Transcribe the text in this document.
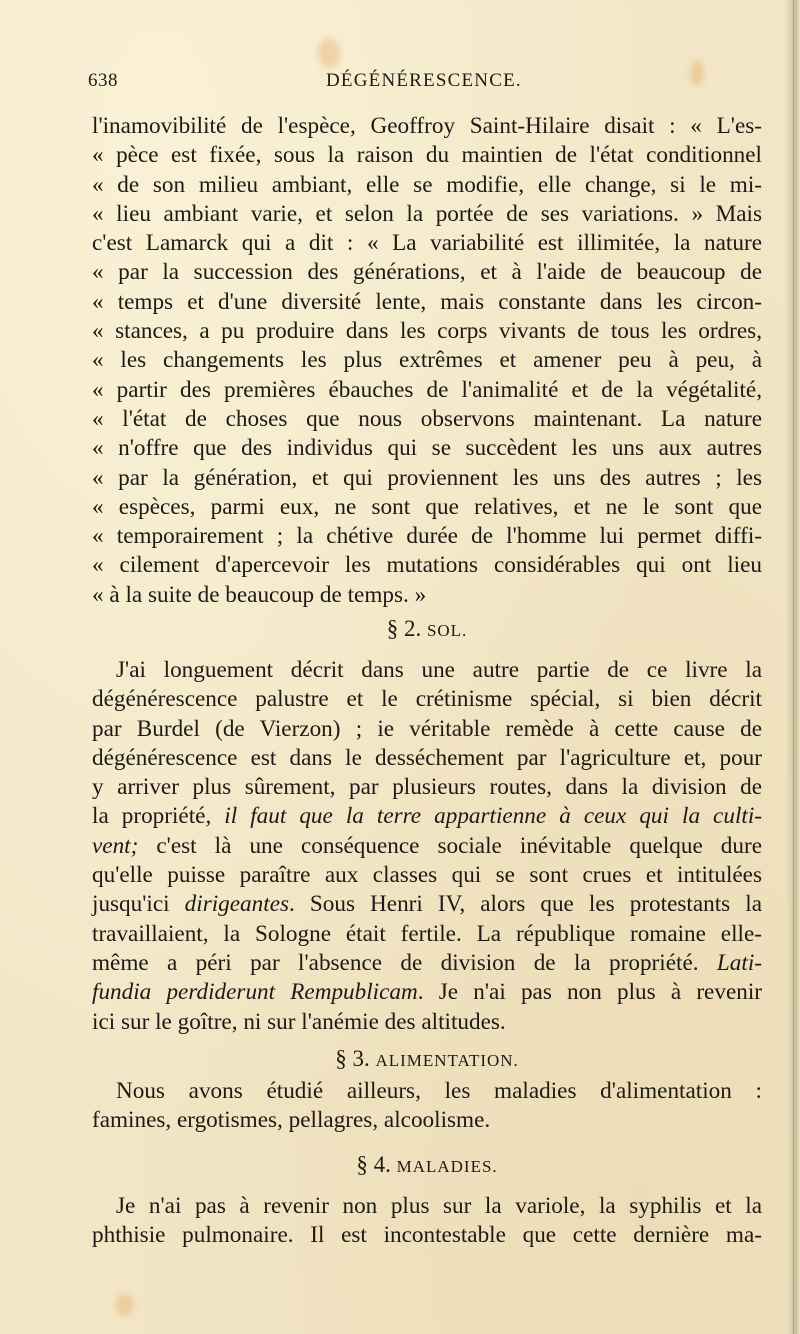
638	DÉGÉNÉRESCENCE.
l'inamovibilité de l'espèce, Geoffroy Saint-Hilaire disait : « L'es-
« pèce est fixée, sous la raison du maintien de l'état conditionnel
« de son milieu ambiant, elle se modifie, elle change, si le mi-
« lieu ambiant varie, et selon la portée de ses variations. » Mais
c'est Lamarck qui a dit : « La variabilité est illimitée, la nature
« par la succession des générations, et à l'aide de beaucoup de
« temps et d'une diversité lente, mais constante dans les circon-
« stances, a pu produire dans les corps vivants de tous les ordres,
« les changements les plus extrêmes et amener peu à peu, à
« partir des premières ébauches de l'animalité et de la végétalité,
« l'état de choses que nous observons maintenant. La nature
« n'offre que des individus qui se succèdent les uns aux autres
« par la génération, et qui proviennent les uns des autres ; les
« espèces, parmi eux, ne sont que relatives, et ne le sont que
« temporairement ; la chétive durée de l'homme lui permet diffi-
« cilement d'apercevoir les mutations considérables qui ont lieu
« à la suite de beaucoup de temps. »
§ 2. SOL.
J'ai longuement décrit dans une autre partie de ce livre la
dégénérescence palustre et le crétinisme spécial, si bien décrit
par Burdel (de Vierzon) ; ie véritable remède à cette cause de
dégénérescence est dans le desséchement par l'agriculture et, pour
y arriver plus sûrement, par plusieurs routes, dans la division de
la propriété, il faut que la terre appartienne à ceux qui la culti-
vent; c'est là une conséquence sociale inévitable quelque dure
qu'elle puisse paraître aux classes qui se sont crues et intitulées
jusqu'ici dirigeantes. Sous Henri IV, alors que les protestants la
travaillaient, la Sologne était fertile. La république romaine elle-
même a péri par l'absence de division de la propriété. Lati-
fundia perdiderunt Rempublicam. Je n'ai pas non plus à revenir
ici sur le goître, ni sur l'anémie des altitudes.
§ 3. ALIMENTATION.
Nous avons étudié ailleurs, les maladies d'alimentation :
famines, ergotismes, pellagres, alcoolisme.
§ 4. MALADIES.
Je n'ai pas à revenir non plus sur la variole, la syphilis et la
phthisie pulmonaire. Il est incontestable que cette dernière ma-
